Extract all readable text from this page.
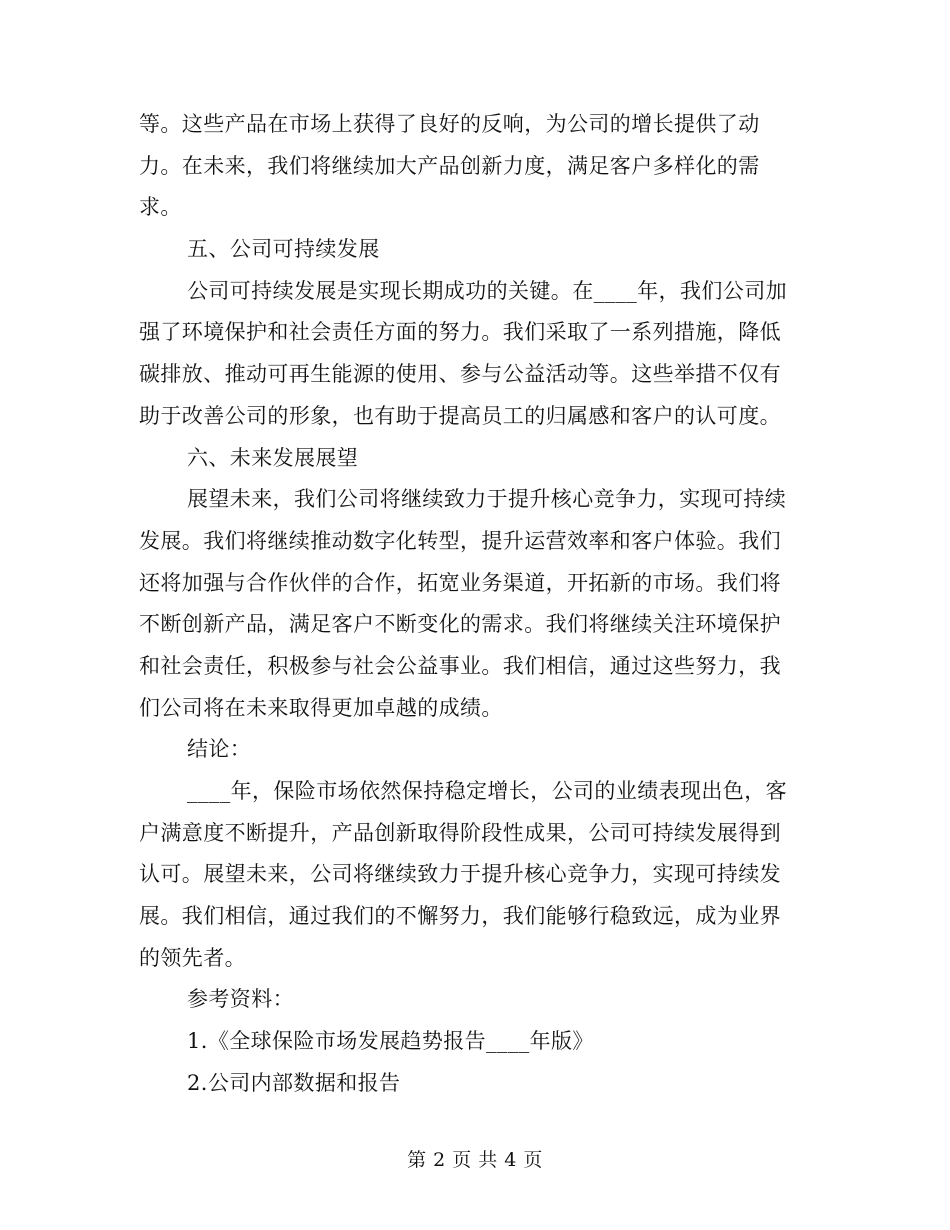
等。这些产品在市场上获得了良好的反响，为公司的增长提供了动
力。在未来，我们将继续加大产品创新力度，满足客户多样化的需
求。
五、公司可持续发展
公司可持续发展是实现长期成功的关键。在____年，我们公司加
强了环境保护和社会责任方面的努力。我们采取了一系列措施，降低
碳排放、推动可再生能源的使用、参与公益活动等。这些举措不仅有
助于改善公司的形象，也有助于提高员工的归属感和客户的认可度。
六、未来发展展望
展望未来，我们公司将继续致力于提升核心竞争力，实现可持续
发展。我们将继续推动数字化转型，提升运营效率和客户体验。我们
还将加强与合作伙伴的合作，拓宽业务渠道，开拓新的市场。我们将
不断创新产品，满足客户不断变化的需求。我们将继续关注环境保护
和社会责任，积极参与社会公益事业。我们相信，通过这些努力，我
们公司将在未来取得更加卓越的成绩。
结论：
____年，保险市场依然保持稳定增长，公司的业绩表现出色，客
户满意度不断提升，产品创新取得阶段性成果，公司可持续发展得到
认可。展望未来，公司将继续致力于提升核心竞争力，实现可持续发
展。我们相信，通过我们的不懈努力，我们能够行稳致远，成为业界
的领先者。
参考资料：
1.《全球保险市场发展趋势报告____年版》
2.公司内部数据和报告
第 2 页 共 4 页
